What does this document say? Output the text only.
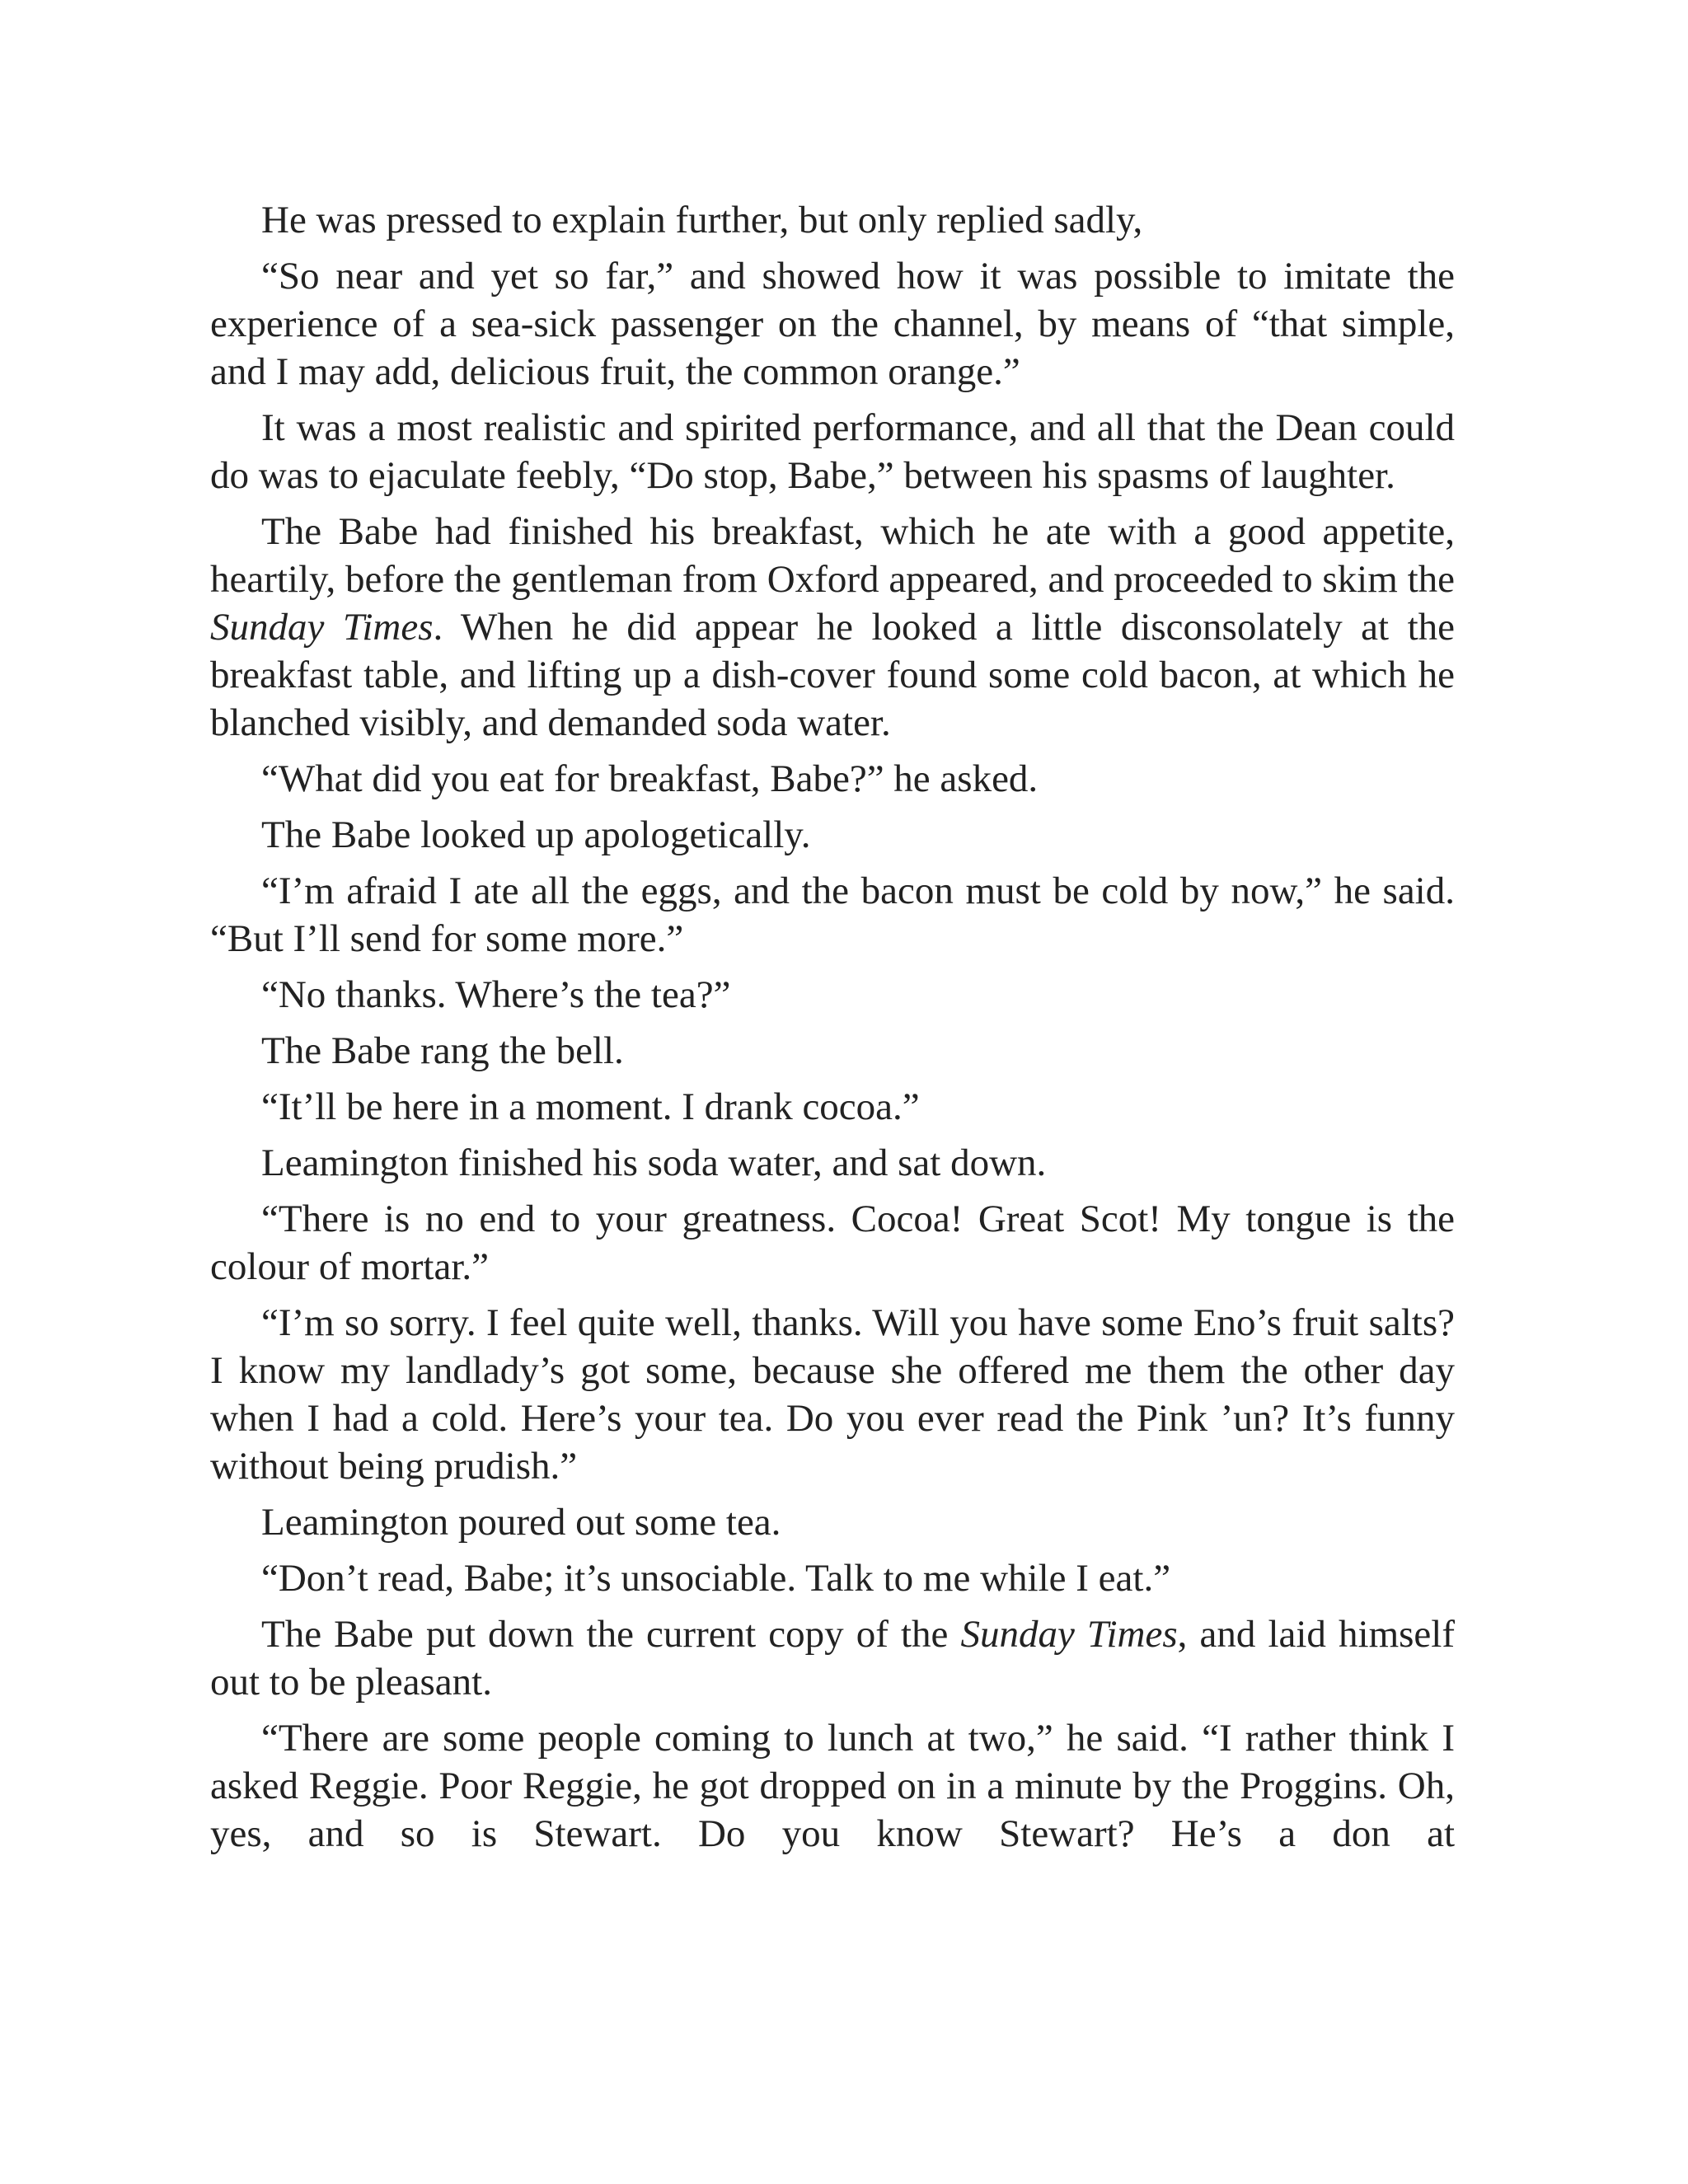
He was pressed to explain further, but only replied sadly,

“So near and yet so far,” and showed how it was possible to imitate the experience of a sea-sick passenger on the channel, by means of “that simple, and I may add, delicious fruit, the common orange.”

It was a most realistic and spirited performance, and all that the Dean could do was to ejaculate feebly, “Do stop, Babe,” between his spasms of laughter.

The Babe had finished his breakfast, which he ate with a good appetite, heartily, before the gentleman from Oxford appeared, and proceeded to skim the Sunday Times. When he did appear he looked a little disconsolately at the breakfast table, and lifting up a dish-cover found some cold bacon, at which he blanched visibly, and demanded soda water.

“What did you eat for breakfast, Babe?” he asked.

The Babe looked up apologetically.

“I’m afraid I ate all the eggs, and the bacon must be cold by now,” he said. “But I’ll send for some more.”

“No thanks. Where’s the tea?”

The Babe rang the bell.

“It’ll be here in a moment. I drank cocoa.”

Leamington finished his soda water, and sat down.

“There is no end to your greatness. Cocoa! Great Scot! My tongue is the colour of mortar.”

“I’m so sorry. I feel quite well, thanks. Will you have some Eno’s fruit salts? I know my landlady’s got some, because she offered me them the other day when I had a cold. Here’s your tea. Do you ever read the Pink ’un? It’s funny without being prudish.”

Leamington poured out some tea.

“Don’t read, Babe; it’s unsociable. Talk to me while I eat.”

The Babe put down the current copy of the Sunday Times, and laid himself out to be pleasant.

“There are some people coming to lunch at two,” he said. “I rather think I asked Reggie. Poor Reggie, he got dropped on in a minute by the Proggins. Oh, yes, and so is Stewart. Do you know Stewart? He’s a don at
